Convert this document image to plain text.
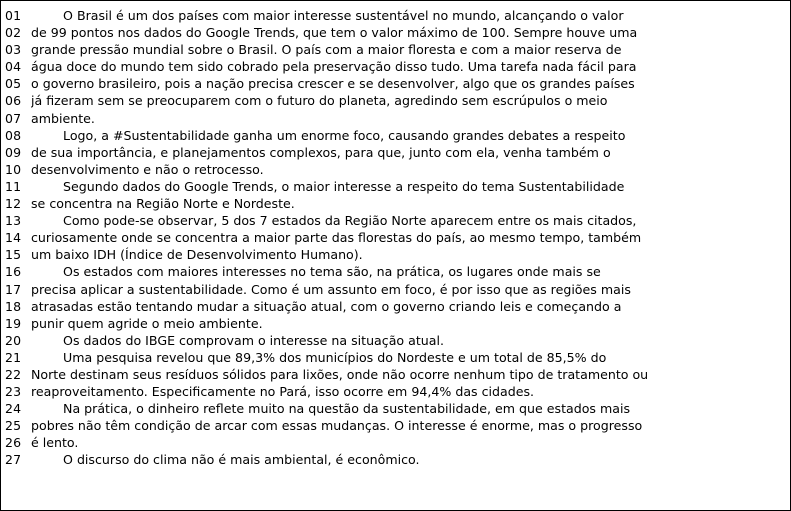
01
02
03
04
05
06
07
08
09
10
11
12
13
14
15
16
17
18
19
20
21
22
23
24
25
26
27
O Brasil é um dos países com maior interesse sustentável no mundo, alcançando o valor
de 99 pontos nos dados do Google Trends, que tem o valor máximo de 100. Sempre houve uma
grande pressão mundial sobre o Brasil. O país com a maior floresta e com a maior reserva de
água doce do mundo tem sido cobrado pela preservação disso tudo. Uma tarefa nada fácil para
o governo brasileiro, pois a nação precisa crescer e se desenvolver, algo que os grandes países
já fizeram sem se preocuparem com o futuro do planeta, agredindo sem escrúpulos o meio
ambiente.
Logo, a #Sustentabilidade ganha um enorme foco, causando grandes debates a respeito
de sua importância, e planejamentos complexos, para que, junto com ela, venha também o
desenvolvimento e não o retrocesso.
Segundo dados do Google Trends, o maior interesse a respeito do tema Sustentabilidade
se concentra na Região Norte e Nordeste.
Como pode-se observar, 5 dos 7 estados da Região Norte aparecem entre os mais citados,
curiosamente onde se concentra a maior parte das florestas do país, ao mesmo tempo, também
um baixo IDH (Índice de Desenvolvimento Humano).
Os estados com maiores interesses no tema são, na prática, os lugares onde mais se
precisa aplicar a sustentabilidade. Como é um assunto em foco, é por isso que as regiões mais
atrasadas estão tentando mudar a situação atual, com o governo criando leis e começando a
punir quem agride o meio ambiente.
Os dados do IBGE comprovam o interesse na situação atual.
Uma pesquisa revelou que 89,3% dos municípios do Nordeste e um total de 85,5% do
Norte destinam seus resíduos sólidos para lixões, onde não ocorre nenhum tipo de tratamento ou
reaproveitamento. Especificamente no Pará, isso ocorre em 94,4% das cidades.
Na prática, o dinheiro reflete muito na questão da sustentabilidade, em que estados mais
pobres não têm condição de arcar com essas mudanças. O interesse é enorme, mas o progresso
é lento.
O discurso do clima não é mais ambiental, é econômico.
